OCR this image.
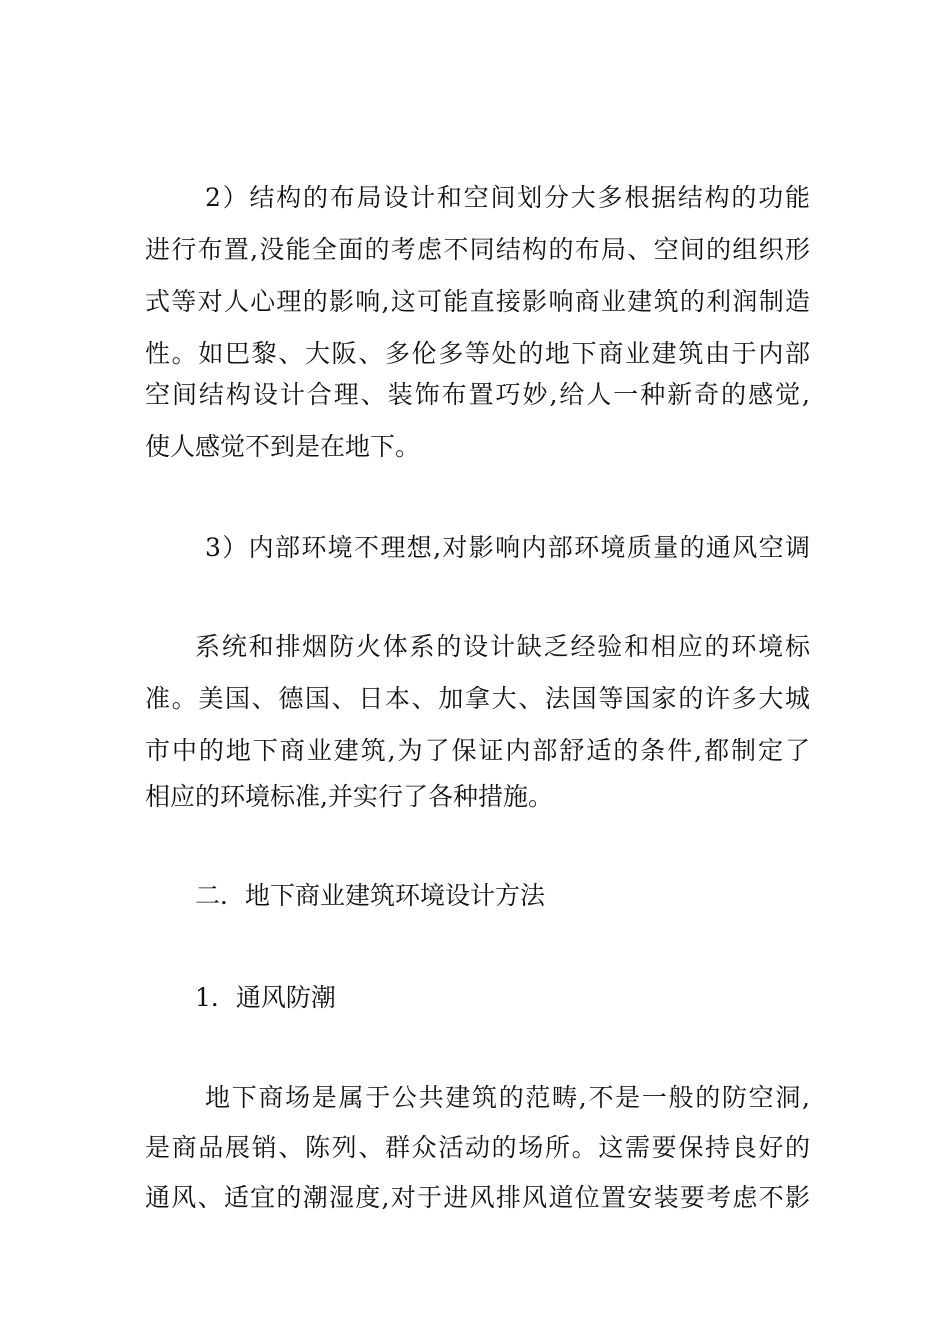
2）结构的布局设计和空间划分大多根据结构的功能
进行布置,没能全面的考虑不同结构的布局、空间的组织形
式等对人心理的影响,这可能直接影响商业建筑的利润制造
性。如巴黎、大阪、多伦多等处的地下商业建筑由于内部
空间结构设计合理、装饰布置巧妙,给人一种新奇的感觉,
使人感觉不到是在地下。
3）内部环境不理想,对影响内部环境质量的通风空调
系统和排烟防火体系的设计缺乏经验和相应的环境标
准。美国、德国、日本、加拿大、法国等国家的许多大城
市中的地下商业建筑,为了保证内部舒适的条件,都制定了
相应的环境标准,并实行了各种措施。
二．地下商业建筑环境设计方法
1．通风防潮
地下商场是属于公共建筑的范畴,不是一般的防空洞,
是商品展销、陈列、群众活动的场所。这需要保持良好的
通风、适宜的潮湿度,对于进风排风道位置安装要考虑不影
